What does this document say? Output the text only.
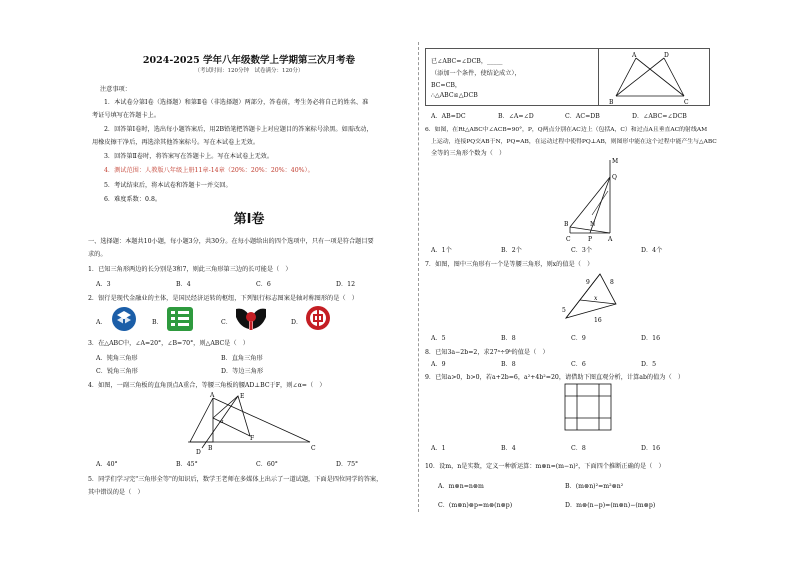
2024-2025 学年八年级数学上学期第三次月考卷
（考试时间：120分钟　试卷满分：120分）
注意事项：
1．本试卷分第Ⅰ卷（选择题）和第Ⅱ卷（非选择题）两部分，答卷前，考生务必将自己的姓名、准
考证号填写在答题卡上。
2．回答第Ⅰ卷时，选出每小题答案后，用2B铅笔把答题卡上对应题目的答案标号涂黑。如需改动，
用橡皮擦干净后，再选涂其他答案标号。写在本试卷上无效。
3．回答第Ⅱ卷时，将答案写在答题卡上。写在本试卷上无效。
4．测试范围：人教版八年级上册11章-14章（20%：20%：20%：40%）。
5．考试结束后，将本试卷和答题卡一并交回。
6．难度系数：0.8。
第Ⅰ卷
一、选择题：本题共10小题，每小题3分，共30分。在每小题给出的四个选项中，只有一项是符合题目要
求的。
1．已知三角形两边的长分别是3和7，则此三角形第三边的长可能是（　）
A．3	B．4	C．6	D．12
2．银行是现代金融业的主体，是国民经济运转的枢纽，下列银行标志图案是轴对称图形的是（　）
A．	B．	C．	D．
3．在△ABC中，∠A=20°，∠B=70°，则△ABC是（　）
A．钝角三角形	B．直角三角形
C．锐角三角形	D．等边三角形
4．如图，一副三角板的直角顶点A重合，等腰三角板的腰AD⊥BC于F，则∠α=（　）
A	E
α
F
D
B	C
A．40°	B．45°	C．60°	D．75°
5．同学们学习完"三角形全等"的知识后，数学王老师在多媒体上出示了一道试题，下面是四位同学的答案，
其中错误的是（　）
已∠ABC=∠DCB，_____
（添加一个条件，使结论成立），
BC=CB，
∴△ABC≌△DCB
A	D
B	C
A．AB=DC	B．∠A=∠D	C．AC=DB	D．∠ABC=∠DCB
6．如图，在Rt△ABC中∠ACB=90°，P，Q两点分别在AC边上（包括A，C）和过点A且垂直AC的射线AM
上运动，连接PQ交AB于N，PQ=AB，在运动过程中使得PQ⊥AB，则图形中能在这个过程中能产生与△ABC
全等的三角形个数为（　）
M
Q
B	N
C	P	A
A．1个	B．2个	C．3个	D．4个
7．如图，图中三角形有一个是等腰三角形，则x的值是（　）
9	8
x
5
16
A．5	B．8	C．9	D．16
8．已知3a−2b=2，求27ᵃ÷9ᵇ的值是（　）
A．9	B．8	C．6	D．5
9．已知a>0，b>0，若a+2b=6，a²+4b²=20，请借助下图直观分析，计算ab的值为（　）
A．1	B．4	C．8	D．16
10．设m，n是实数，定义一种新运算：m⊗n=(m−n)²，下面四个推断正确的是（　）
A．m⊗n=n⊗m	B．(m⊗n)²=m²⊗n²
C．(m⊗n)⊗p=m⊗(n⊗p)	D．m⊗(n−p)=(m⊗n)−(m⊗p)
